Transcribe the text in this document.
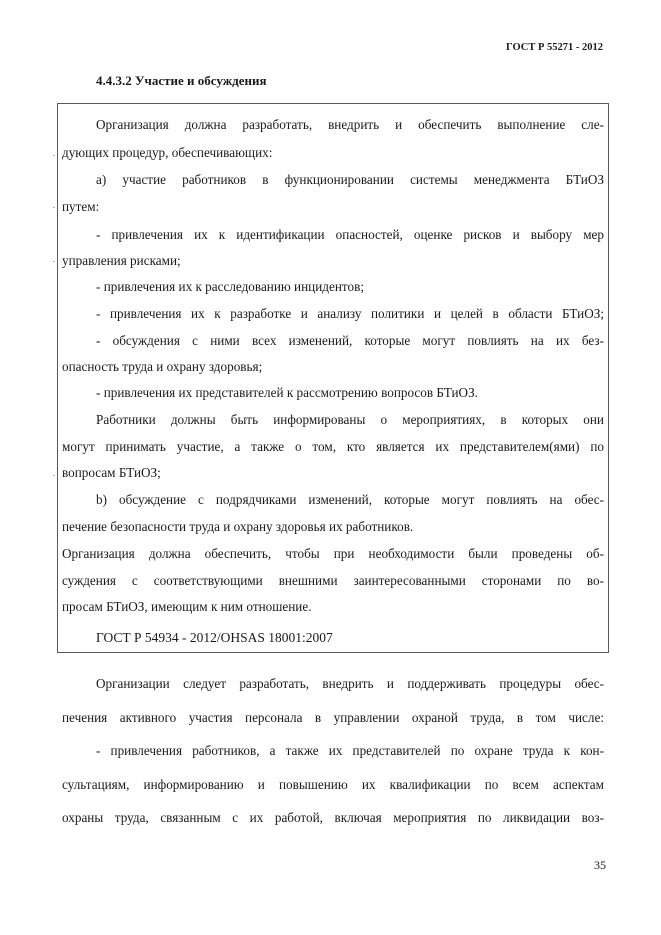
ГОСТ Р 55271 - 2012
4.4.3.2 Участие и обсуждения
·
·
·
·
Организация должна разработать, внедрить и обеспечить выполнение сле-
дующих процедур, обеспечивающих:
а) участие работников в функционировании системы менеджмента БТиОЗ
путем:
- привлечения их к идентификации опасностей, оценке рисков и выбору мер
управления рисками;
- привлечения их к расследованию инцидентов;
- привлечения их к разработке и анализу политики и целей в области БТиОЗ;
- обсуждения с ними всех изменений, которые могут повлиять на их без-
опасность труда и охрану здоровья;
- привлечения их представителей к рассмотрению вопросов БТиОЗ.
Работники должны быть информированы о мероприятиях, в которых они
могут принимать участие, а также о том, кто является их представителем(ями) по
вопросам БТиОЗ;
b) обсуждение с подрядчиками изменений, которые могут повлиять на обес-
печение безопасности труда и охрану здоровья их работников.
Организация должна обеспечить, чтобы при необходимости были проведены об-
суждения с соответствующими внешними заинтересованными сторонами по во-
просам БТиОЗ, имеющим к ним отношение.
ГОСТ Р 54934 - 2012/OHSAS 18001:2007
Организации следует разработать, внедрить и поддерживать процедуры обес-
печения активного участия персонала в управлении охраной труда, в том числе:
- привлечения работников, а также их представителей по охране труда к кон-
сультациям, информированию и повышению их квалификации по всем аспектам
охраны труда, связанным с их работой, включая мероприятия по ликвидации воз-
35
